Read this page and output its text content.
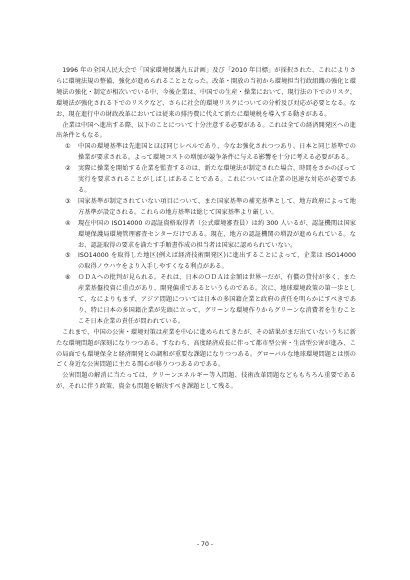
1996 年の全国人民大会で「国家環境保護九五計画」及び「2010 年目標」が採択された、これによりさらに環境法規の整備、強化が進められることとなった。改革・開放の当初から環境担当行政組織の強化と環境法の強化・制定が相次いでいる中、今後企業は、中国での生産・操業において、現行法の下でのリスク、環境法が強化される下でのリスクなど、さらに社会的環境リスクについての分析及び対応が必要となる。なお、現在進行中の財政改革においては従来の排汚費に代えて新たに環境税を導入する動きがある。

企業は中国へ進出する際、以下のことについて十分注意する必要がある。これは全ての経済開発区への進出条件ともなる。

① 中国の環境基準は先進国とほぼ同じレベルであり、今なお強化されつつあり、日本と同じ基準での操業が要求される。よって環境コストの増加が競争条件に与える影響を十分に考える必要がある。
② 実際に操業を開始する企業を監査するのは、新たな環境法が制定された場合、時間をさかのぼって実行を要求されることがしばしばあることである。これについては企業の迅速な対応が必要である。
③ 国家基準が制定されていない項目について、また国家基準の補充基準として、地方政府によって地方基準が設定される。これらの地方基準は総じて国家基準より厳しい。
④ 現在中国の ISO14000 の認証資格取得者（公式環境審査員）は約 300 人いるが、認証機関は国家環境保護局環境管理審査センターだけである。現在、地方の認証機関の増設が進められている。なお、認証取得の要求を満たす手順書作成の担当者は国家に認められていない。
⑤ ISO14000 を取得した地区(例えば経済技術開発区)に進出することによって、企業は ISO14000 の取得ノウハウをより入手しやすくなる利点がある。
⑥ ＯＤＡへの批判が見られる。それは、日本のＯＤＡは金額は世界一だが、有償の貸付が多く、また産業基盤投資に重点があり、開発偏重であるというものである。次に、地球環境政策の第一歩として、なによりもまず、アジア問題については日本の多国籍企業と政府の責任を明らかにすべきであり、特に日本の多国籍企業が先頭に立って、グリーンな環境作りからグリーンな消費者を生むことこそ日本企業の責任が問われている。

これまで、中国の公害・環境対策は産業を中心に進められてきたが、その結果がまだ出ていないうちに新たな環境問題が深刻になりつつある。すなわち、高度経済成長に伴って都市型公害・生活型公害が進み、この局面でも環境保全と経済開発との調和が重要な課題になりつつある。グローバルな地球環境問題とは別のごく身近な公害問題に主たる関心が移りつつあるのである。

公害問題の解消に当たっては、クリーンエネルギー等入問題、技術改革問題などももちろん重要であるが、それに伴う政策、資金も問題を解決すべき課題として残る。

- 70 -
